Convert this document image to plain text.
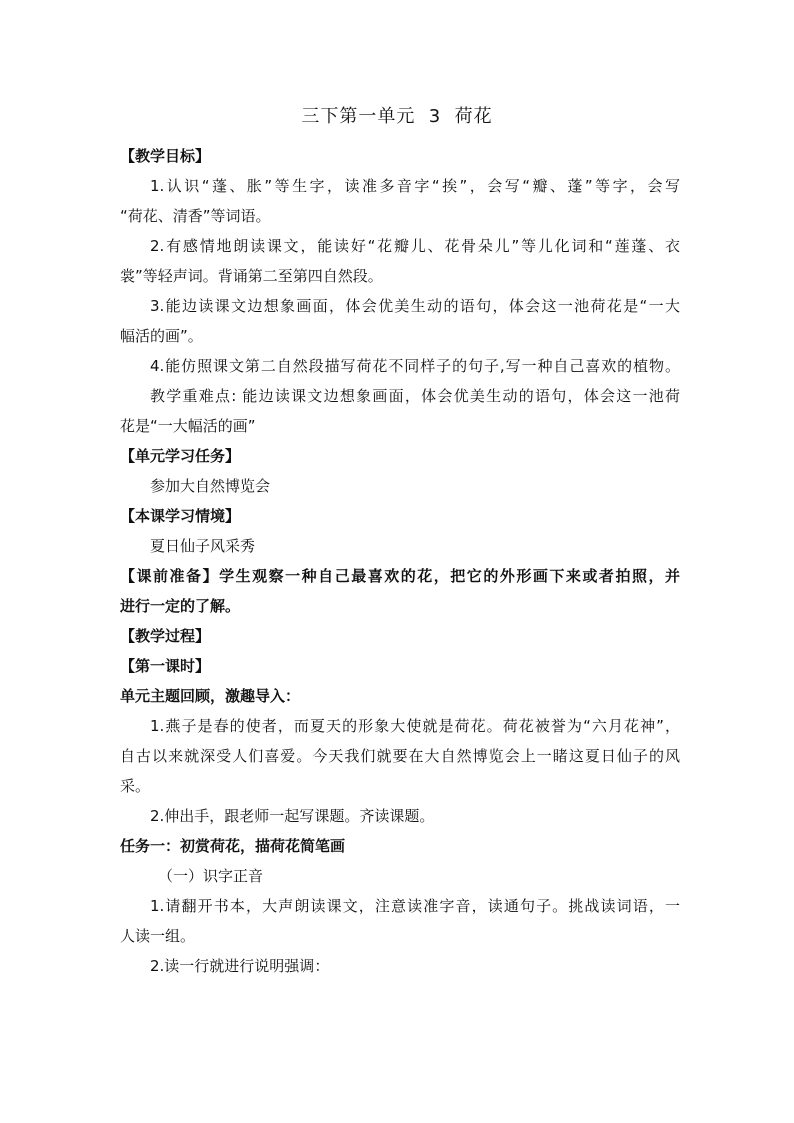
三下第一单元  3  荷花
【教学目标】
1.认识“蓬、胀”等生字，读准多音字“挨”，会写“瓣、蓬”等字，会写
“荷花、清香”等词语。
2.有感情地朗读课文，能读好“花瓣儿、花骨朵儿”等儿化词和“莲蓬、衣
裳”等轻声词。背诵第二至第四自然段。
3.能边读课文边想象画面，体会优美生动的语句，体会这一池荷花是“一大
幅活的画”。
4.能仿照课文第二自然段描写荷花不同样子的句子,写一种自己喜欢的植物。
教学重难点: 能边读课文边想象画面，体会优美生动的语句，体会这一池荷
花是“一大幅活的画”
【单元学习任务】
参加大自然博览会
【本课学习情境】
夏日仙子风采秀
【课前准备】学生观察一种自己最喜欢的花，把它的外形画下来或者拍照，并
进行一定的了解。
【教学过程】
【第一课时】
单元主题回顾，激趣导入：
1.燕子是春的使者，而夏天的形象大使就是荷花。荷花被誉为“六月花神”，
自古以来就深受人们喜爱。今天我们就要在大自然博览会上一睹这夏日仙子的风
采。
2.伸出手，跟老师一起写课题。齐读课题。
任务一：初赏荷花，描荷花简笔画
（一）识字正音
1.请翻开书本，大声朗读课文，注意读准字音，读通句子。挑战读词语，一
人读一组。
2.读一行就进行说明强调：
